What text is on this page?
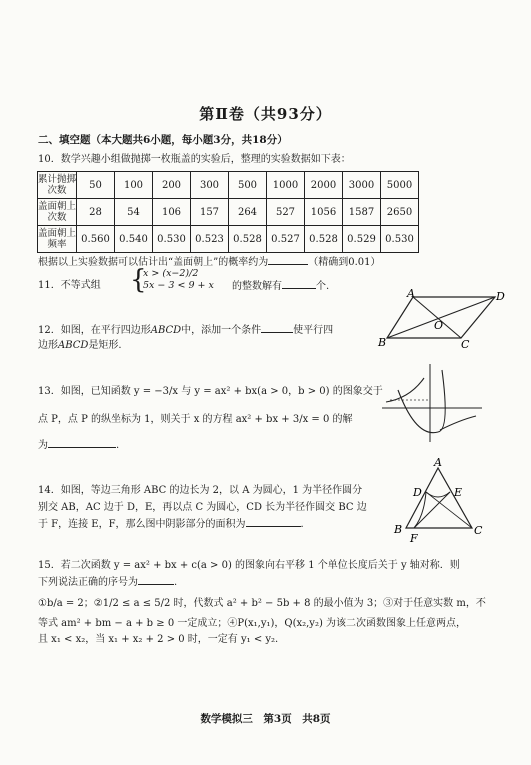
第Ⅱ卷（共93分）
二、填空题（本大题共6小题，每小题3分，共18分）
10．数学兴趣小组做抛掷一枚瓶盖的实验后，整理的实验数据如下表：
累计抛掷次数	50	100	200	300	500	1000	2000	3000	5000
盖面朝上次数	28	54	106	157	264	527	1056	1587	2650
盖面朝上频率	0.560	0.540	0.530	0.523	0.528	0.527	0.528	0.529	0.530
根据以上实验数据可以估计出“盖面朝上”的概率约为	（精确到0.01）
11．不等式组 {
x > (x−2)/2
5x − 3 < 9 + x 的整数解有	个.
12．如图，在平行四边形ABCD中，添加一个条件	使平行四
边形ABCD是矩形.
A	D
B	C
O
13．如图，已知函数 y = −3/x 与 y = ax² + bx(a > 0，b > 0) 的图象交于
点 P，点 P 的纵坐标为 1，则关于 x 的方程 ax² + bx + 3/x = 0 的解
为	.
14．如图，等边三角形 ABC 的边长为 2，以 A 为圆心，1 为半径作圆分
别交 AB，AC 边于 D，E，再以点 C 为圆心，CD 长为半径作圆交 BC 边
于 F，连接 E，F，那么图中阴影部分的面积为	.
A
D	E
B
F
C
15．若二次函数 y = ax² + bx + c(a > 0) 的图象向右平移 1 个单位长度后关于 y 轴对称．则
下列说法正确的序号为	.
①b/a = 2；②1/2 ≤ a ≤ 5/2 时，代数式 a² + b² − 5b + 8 的最小值为 3；③对于任意实数 m，不
等式 am² + bm − a + b ≥ 0 一定成立；④P(x₁,y₁)，Q(x₂,y₂) 为该二次函数图象上任意两点，
且 x₁ < x₂，当 x₁ + x₂ + 2 > 0 时，一定有 y₁ < y₂.
数学模拟三　第3页　共8页
